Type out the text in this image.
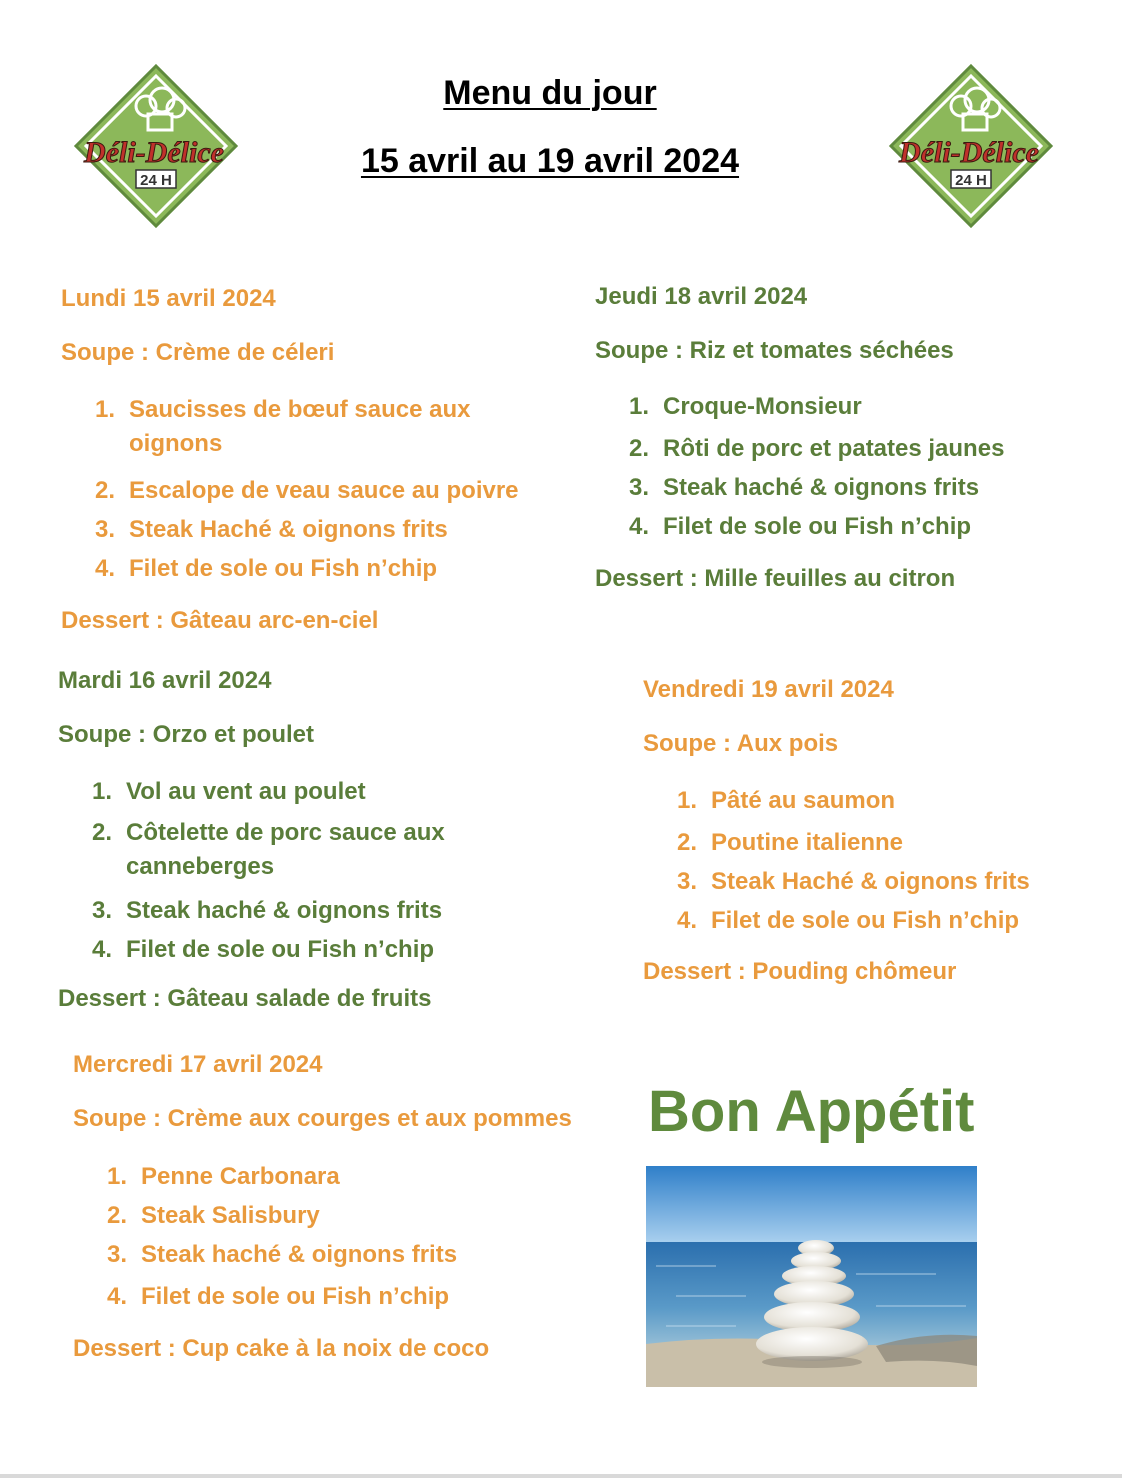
Déli-Délice
24 H
Déli-Délice
24 H
Menu du jour
15 avril au 19 avril 2024
Lundi 15 avril 2024
Soupe : Crème de céleri
1. Saucisses de bœuf sauce aux
oignons
2. Escalope de veau sauce au poivre
3. Steak Haché & oignons frits
4. Filet de sole ou Fish n’chip
Dessert : Gâteau arc-en-ciel
Mardi 16 avril 2024
Soupe : Orzo et poulet
1. Vol au vent au poulet
2. Côtelette de porc sauce aux
canneberges
3. Steak haché & oignons frits
4. Filet de sole ou Fish n’chip
Dessert : Gâteau salade de fruits
Mercredi 17 avril 2024
Soupe : Crème aux courges et aux pommes
1. Penne Carbonara
2. Steak Salisbury
3. Steak haché & oignons frits
4. Filet de sole ou Fish n’chip
Dessert : Cup cake à la noix de coco
Jeudi 18 avril 2024
Soupe : Riz et tomates séchées
1. Croque-Monsieur
2. Rôti de porc et patates jaunes
3. Steak haché & oignons frits
4. Filet de sole ou Fish n’chip
Dessert : Mille feuilles au citron
Vendredi 19 avril 2024
Soupe : Aux pois
1. Pâté au saumon
2. Poutine italienne
3. Steak Haché & oignons frits
4. Filet de sole ou Fish n’chip
Dessert : Pouding chômeur
Bon Appétit
